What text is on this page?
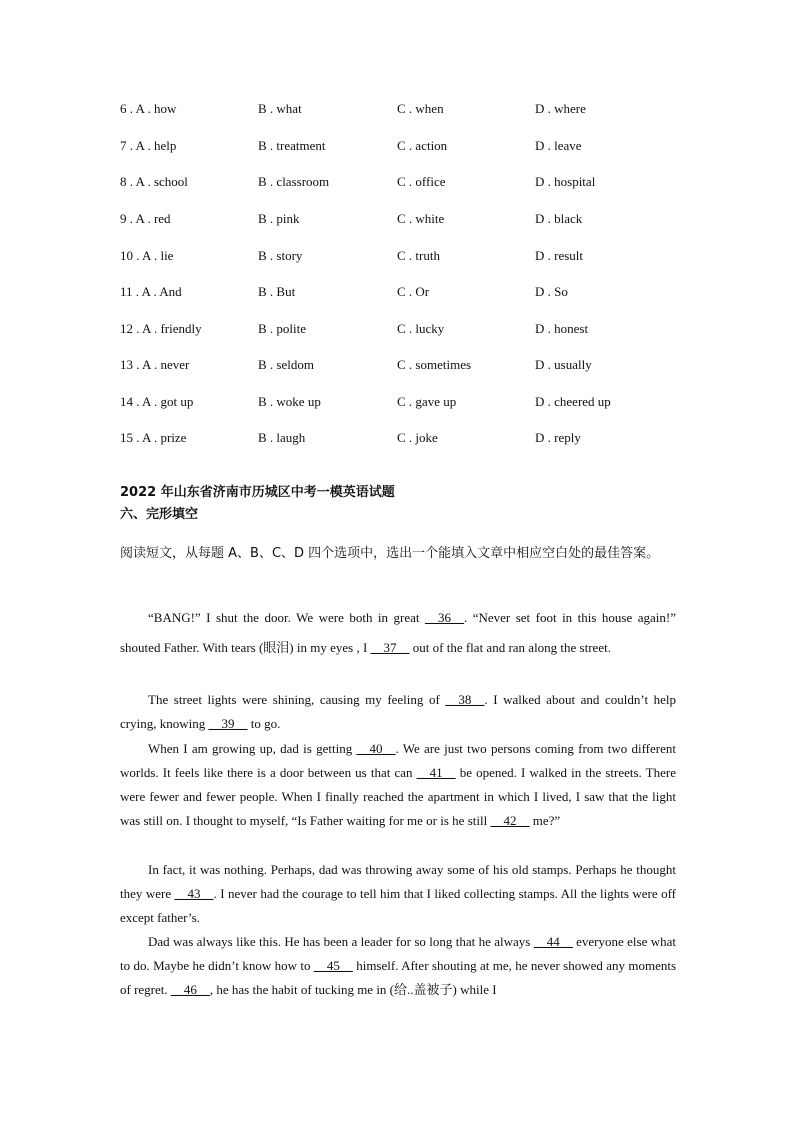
6 . A . how	B . what	C . when	D . where
7 . A . help	B . treatment	C . action	D . leave
8 . A . school	B . classroom	C . office	D . hospital
9 . A . red	B . pink	C . white	D . black
10 . A . lie	B . story	C . truth	D . result
11 . A . And	B . But	C . Or	D . So
12 . A . friendly	B . polite	C . lucky	D . honest
13 . A . never	B . seldom	C . sometimes	D . usually
14 . A . got up	B . woke up	C . gave up	D . cheered up
15 . A . prize	B . laugh	C . joke	D . reply
2022 年山东省济南市历城区中考一模英语试题
六、完形填空
阅读短文，从每题 A、B、C、D 四个选项中，选出一个能填入文章中相应空白处的最佳答案。
“BANG!” I shut the door. We were both in great __36__. “Never set foot in this house again!” shouted Father. With tears (眼泪) in my eyes , I __37__ out of the flat and ran along the street.
The street lights were shining, causing my feeling of __38__. I walked about and couldn’t help crying, knowing __39__ to go.
When I am growing up, dad is getting __40__. We are just two persons coming from two different worlds. It feels like there is a door between us that can __41__ be opened. I walked in the streets. There were fewer and fewer people. When I finally reached the apartment in which I lived, I saw that the light was still on. I thought to myself, “Is Father waiting for me or is he still __42__ me?”
In fact, it was nothing. Perhaps, dad was throwing away some of his old stamps. Perhaps he thought they were __43__. I never had the courage to tell him that I liked collecting stamps. All the lights were off except father’s.
Dad was always like this. He has been a leader for so long that he always __44__ everyone else what to do. Maybe he didn’t know how to __45__ himself. After shouting at me, he never showed any moments of regret. __46__, he has the habit of tucking me in (给..盖被子) while I
